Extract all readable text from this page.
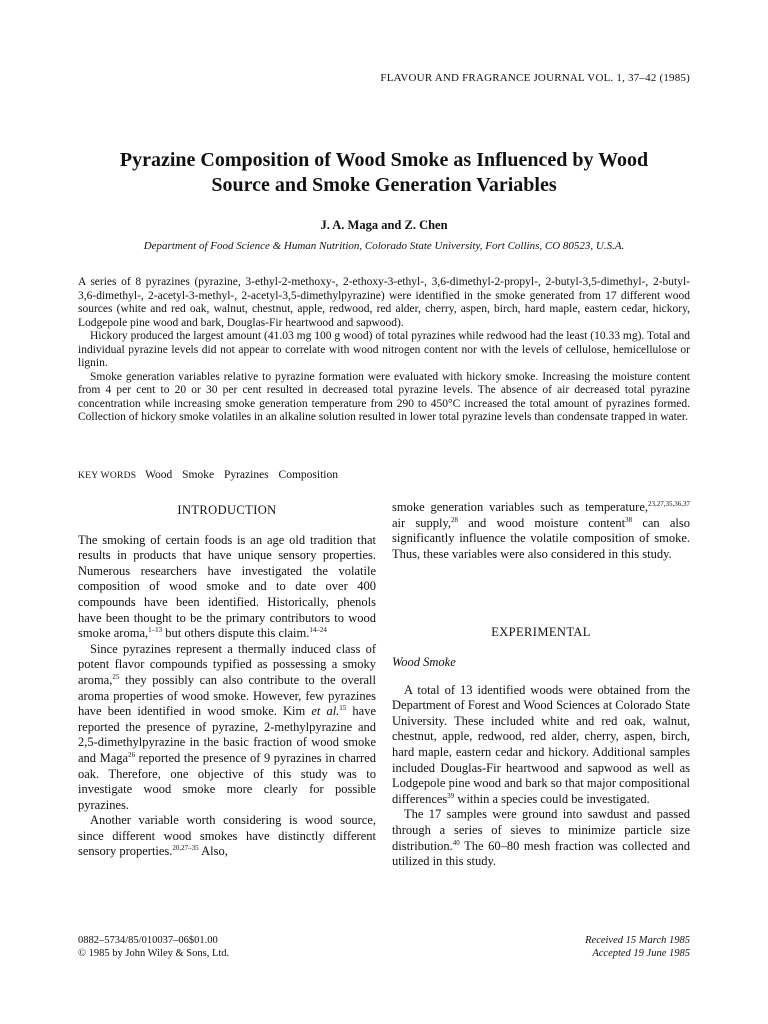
FLAVOUR AND FRAGRANCE JOURNAL VOL. 1, 37–42 (1985)
Pyrazine Composition of Wood Smoke as Influenced by Wood
Source and Smoke Generation Variables
J. A. Maga and Z. Chen
Department of Food Science & Human Nutrition, Colorado State University, Fort Collins, CO 80523, U.S.A.

A series of 8 pyrazines (pyrazine, 3-ethyl-2-methoxy-, 2-ethoxy-3-ethyl-, 3,6-dimethyl-2-propyl-, 2-butyl-3,5-dimethyl-, 2-butyl-3,6-dimethyl-, 2-acetyl-3-methyl-, 2-acetyl-3,5-dimethylpyrazine) were identified in the smoke generated from 17 different wood sources (white and red oak, walnut, chestnut, apple, redwood, red alder, cherry, aspen, birch, hard maple, eastern cedar, hickory, Lodgepole pine wood and bark, Douglas-Fir heartwood and sapwood).

Hickory produced the largest amount (41.03 mg 100 g wood) of total pyrazines while redwood had the least (10.33 mg). Total and individual pyrazine levels did not appear to correlate with wood nitrogen content nor with the levels of cellulose, hemicellulose or lignin.

Smoke generation variables relative to pyrazine formation were evaluated with hickory smoke. Increasing the moisture content from 4 per cent to 20 or 30 per cent resulted in decreased total pyrazine levels. The absence of air decreased total pyrazine concentration while increasing smoke generation temperature from 290 to 450°C increased the total amount of pyrazines formed. Collection of hickory smoke volatiles in an alkaline solution resulted in lower total pyrazine levels than condensate trapped in water.

KEY WORDS Wood Smoke Pyrazines Composition
INTRODUCTION

The smoking of certain foods is an age old tradition that results in products that have unique sensory properties. Numerous researchers have investigated the volatile composition of wood smoke and to date over 400 compounds have been identified. Historically, phenols have been thought to be the primary contributors to wood smoke aroma,$^{1-13}$ but others dispute this claim.$^{14-24}$

Since pyrazines represent a thermally induced class of potent flavor compounds typified as possessing a smoky aroma,$^{25}$ they possibly can also contribute to the overall aroma properties of wood smoke. However, few pyrazines have been identified in wood smoke. Kim et al.$^{15}$ have reported the presence of pyrazine, 2-methylpyrazine and 2,5-dimethylpyrazine in the basic fraction of wood smoke and Maga$^{26}$ reported the presence of 9 pyrazines in charred oak. Therefore, one objective of this study was to investigate wood smoke more clearly for possible pyrazines.

Another variable worth considering is wood source, since different wood smokes have distinctly different sensory properties.$^{20,27-35}$ Also,

smoke generation variables such as temperature,$^{23,27,35,36,37}$ air supply,$^{28}$ and wood moisture content$^{38}$ can also significantly influence the volatile composition of smoke. Thus, these variables were also considered in this study.

EXPERIMENTAL
Wood Smoke

A total of 13 identified woods were obtained from the Department of Forest and Wood Sciences at Colorado State University. These included white and red oak, walnut, chestnut, apple, redwood, red alder, cherry, aspen, birch, hard maple, eastern cedar and hickory. Additional samples included Douglas-Fir heartwood and sapwood as well as Lodgepole pine wood and bark so that major compositional differences$^{39}$ within a species could be investigated.

The 17 samples were ground into sawdust and passed through a series of sieves to minimize particle size distribution.$^{40}$ The 60–80 mesh fraction was collected and utilized in this study.

0882–5734/85/010037–06$01.00
© 1985 by John Wiley & Sons, Ltd.
Received 15 March 1985
Accepted 19 June 1985
